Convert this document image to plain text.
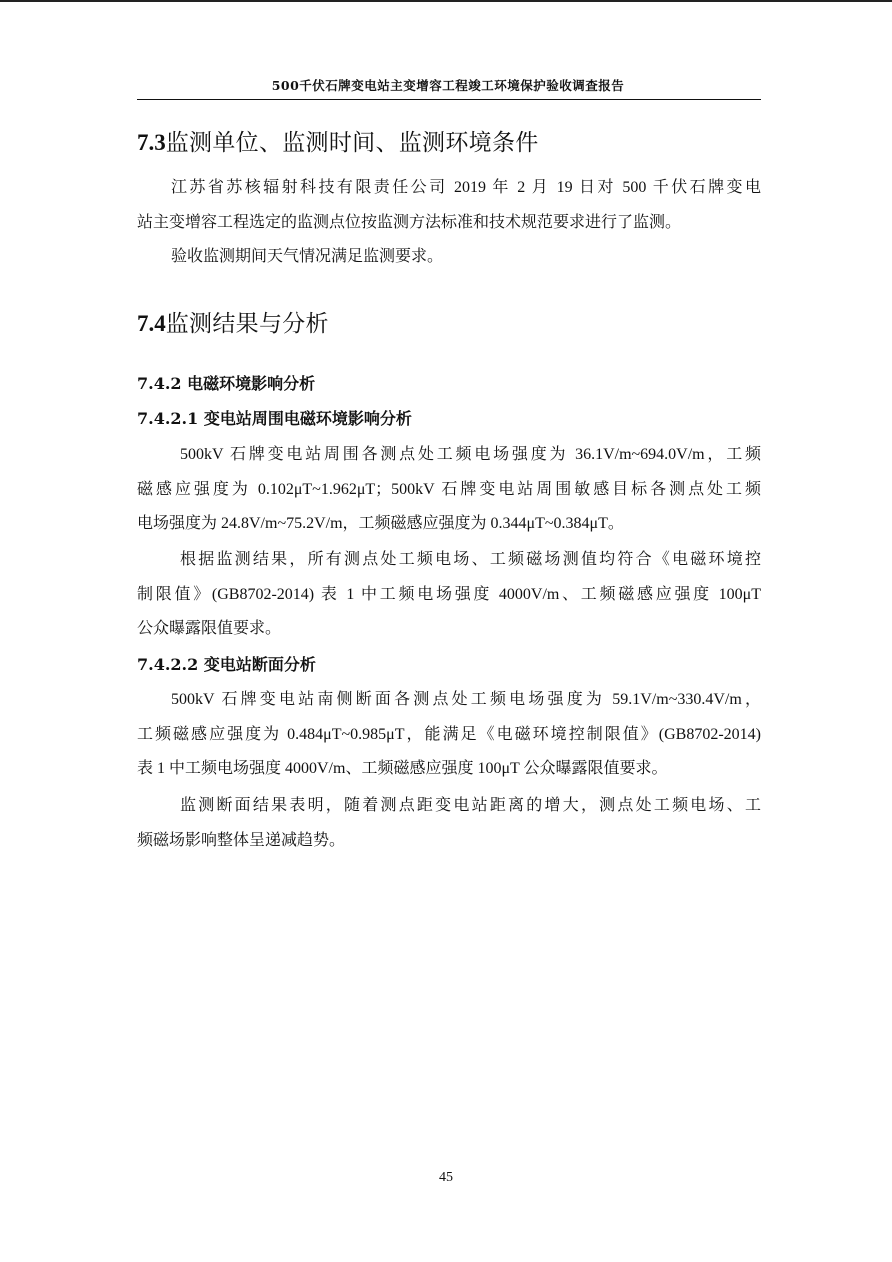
500千伏石牌变电站主变增容工程竣工环境保护验收调查报告
7.3监测单位、监测时间、监测环境条件
江苏省苏核辐射科技有限责任公司 2019 年 2 月 19 日对 500 千伏石牌变电
站主变增容工程选定的监测点位按监测方法标准和技术规范要求进行了监测。
验收监测期间天气情况满足监测要求。
7.4监测结果与分析
7.4.2 电磁环境影响分析
7.4.2.1 变电站周围电磁环境影响分析
500kV 石牌变电站周围各测点处工频电场强度为 36.1V/m~694.0V/m，工频
磁感应强度为 0.102μT~1.962μT；500kV 石牌变电站周围敏感目标各测点处工频
电场强度为 24.8V/m~75.2V/m，工频磁感应强度为 0.344μT~0.384μT。
根据监测结果，所有测点处工频电场、工频磁场测值均符合《电磁环境控
制限值》(GB8702-2014) 表 1 中工频电场强度 4000V/m、工频磁感应强度 100μT
公众曝露限值要求。
7.4.2.2 变电站断面分析
500kV 石牌变电站南侧断面各测点处工频电场强度为 59.1V/m~330.4V/m，
工频磁感应强度为 0.484μT~0.985μT，能满足《电磁环境控制限值》(GB8702-2014)
表 1 中工频电场强度 4000V/m、工频磁感应强度 100μT 公众曝露限值要求。
监测断面结果表明，随着测点距变电站距离的增大，测点处工频电场、工
频磁场影响整体呈递减趋势。
45
